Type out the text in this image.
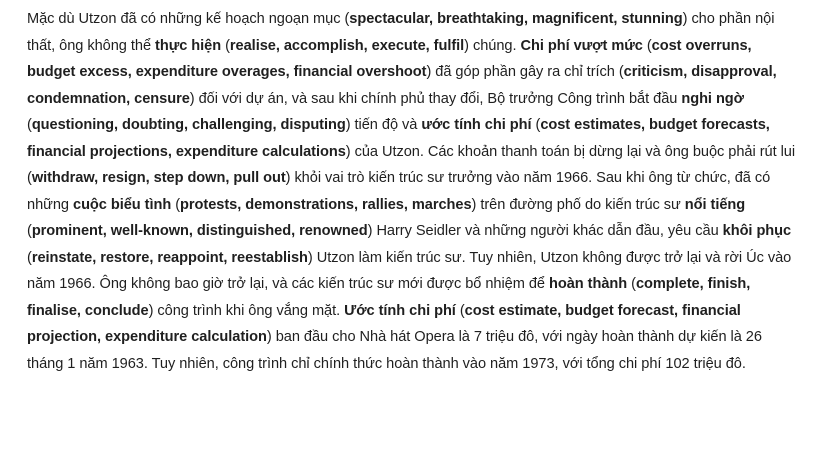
Mặc dù Utzon đã có những kế hoạch ngoạn mục (spectacular, breathtaking, magnificent, stunning) cho phần nội thất, ông không thể thực hiện (realise, accomplish, execute, fulfil) chúng. Chi phí vượt mức (cost overruns, budget excess, expenditure overages, financial overshoot) đã góp phần gây ra chỉ trích (criticism, disapproval, condemnation, censure) đối với dự án, và sau khi chính phủ thay đổi, Bộ trưởng Công trình bắt đầu nghi ngờ (questioning, doubting, challenging, disputing) tiến độ và ước tính chi phí (cost estimates, budget forecasts, financial projections, expenditure calculations) của Utzon. Các khoản thanh toán bị dừng lại và ông buộc phải rút lui (withdraw, resign, step down, pull out) khỏi vai trò kiến trúc sư trưởng vào năm 1966. Sau khi ông từ chức, đã có những cuộc biểu tình (protests, demonstrations, rallies, marches) trên đường phố do kiến trúc sư nổi tiếng (prominent, well-known, distinguished, renowned) Harry Seidler và những người khác dẫn đầu, yêu cầu khôi phục (reinstate, restore, reappoint, reestablish) Utzon làm kiến trúc sư. Tuy nhiên, Utzon không được trở lại và rời Úc vào năm 1966. Ông không bao giờ trở lại, và các kiến trúc sư mới được bổ nhiệm để hoàn thành (complete, finish, finalise, conclude) công trình khi ông vắng mặt. Ước tính chi phí (cost estimate, budget forecast, financial projection, expenditure calculation) ban đầu cho Nhà hát Opera là 7 triệu đô, với ngày hoàn thành dự kiến là 26 tháng 1 năm 1963. Tuy nhiên, công trình chỉ chính thức hoàn thành vào năm 1973, với tổng chi phí 102 triệu đô.
